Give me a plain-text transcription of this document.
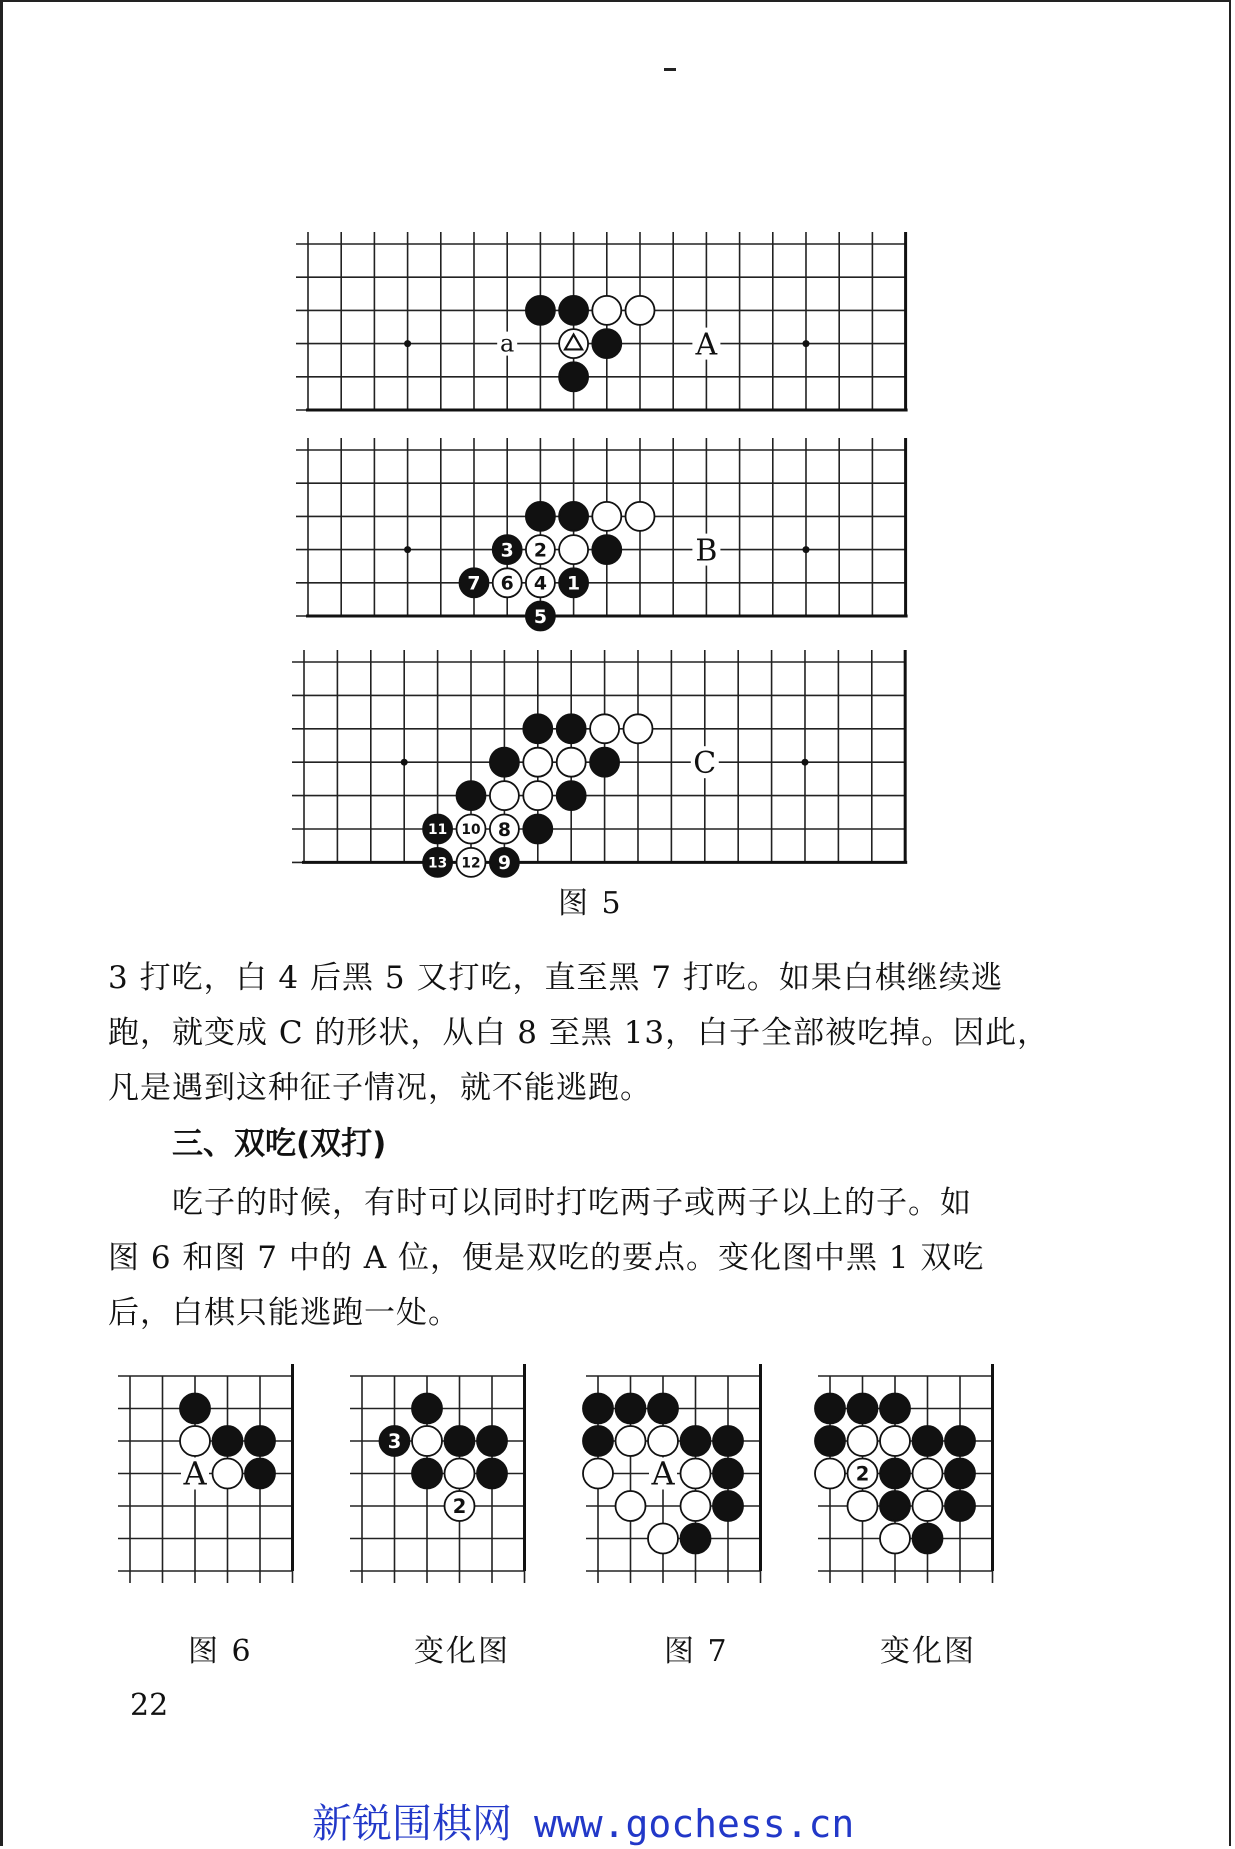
A
a
3 2
1
4
5
6
7
B
8
9
10
11
12
13
C
图 5

3 打吃，白 4 后黑 5 又打吃，直至黑 7 打吃。如果白棋继续逃

跑，就变成 C 的形状，从白 8 至黑 13，白子全部被吃掉。因此，

凡是遇到这种征子情况，就不能逃跑。

三、双吃(双打)

吃子的时候，有时可以同时打吃两子或两子以上的子。如

图 6 和图 7 中的 A 位，便是双吃的要点。变化图中黑 1 双吃

后，白棋只能逃跑一处。

A
3
2
A	2
图 6	变化图	图 7	变化图
22
新锐围棋网 www.gochess.cn
